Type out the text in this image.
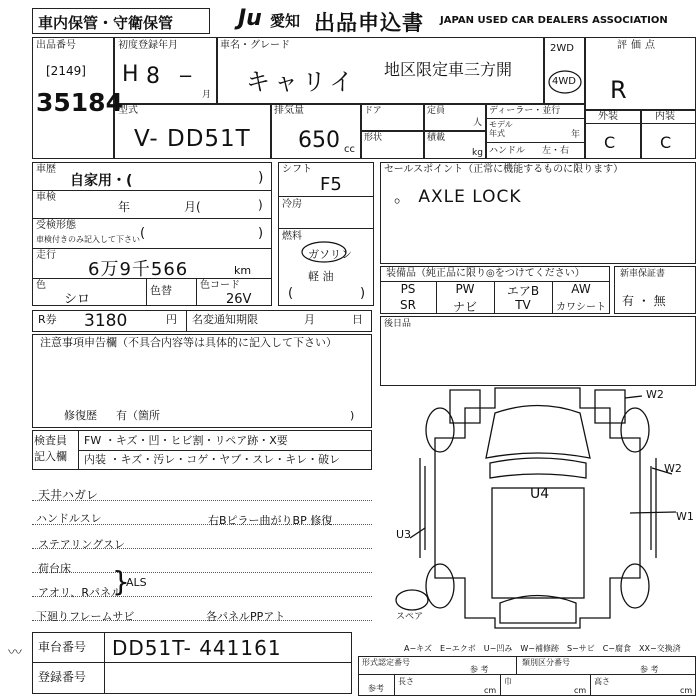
車内保管・守衛保管	Ju 愛知 出品申込書 JAPAN USED CAR DEALERS ASSOCIATION
出品番号
[2149]
35184
初度登録年月
H 8 −
月
車名・グレード
キャリイ 地区限定車三方開
2WD
4WD
評価点
R
外装	内装
C	C
型式
V- DD51T
排気量
650 cc
ドア	定員
人
形状	積載
kg
ディーラー・並行
モデル
年式	年
ハンドル 左・右
車歴
自家用・(	)
車検
年	月(	)
受検形態
車検付きのみ記入して下さい (	)
走行
6万9千566	km
色
シロ
色替	色コード
26V
シフト
F5
冷房
燃料
ガソリン
軽 油
(	)
セールスポイント（正常に機能するものに限ります）
。 AXLE LOCK
装備品（純正品に限り◎をつけてください）
PS	PW	エアB	AW
SR	ナビ	TV	カワシート
新車保証書
有 ・ 無
R券 3180	円 名変通知期限	月	日 後日品
注意事項申告欄（不具合内容等は具体的に記入して下さい）
修復歴 有（箇所	)
検査員
記入欄
FW ・キズ・凹・ヒビ割・リペア跡・X要
内装 ・キズ・汚レ・コゲ・ヤブ・スレ・キレ・破レ
天井ハガレ
ハンドルスレ
ステアリングスレ
荷台床
アオリ、Rパネル
下廻りフレームサビ
右Bピラー曲がりBP 修復
各パネルPPアト
}
ALS
W2
W2
U4
W1
U3
スペア
A−キズ　E−エクボ　U−凹み　W−補修跡　S−サビ　C−腐食　XX−交換済
車台番号 DD51T- 441161
登録番号
〰
形式認定番号
参 考
類別区分番号
参 考
参考
長さ
cm
巾
cm
高さ
cm
